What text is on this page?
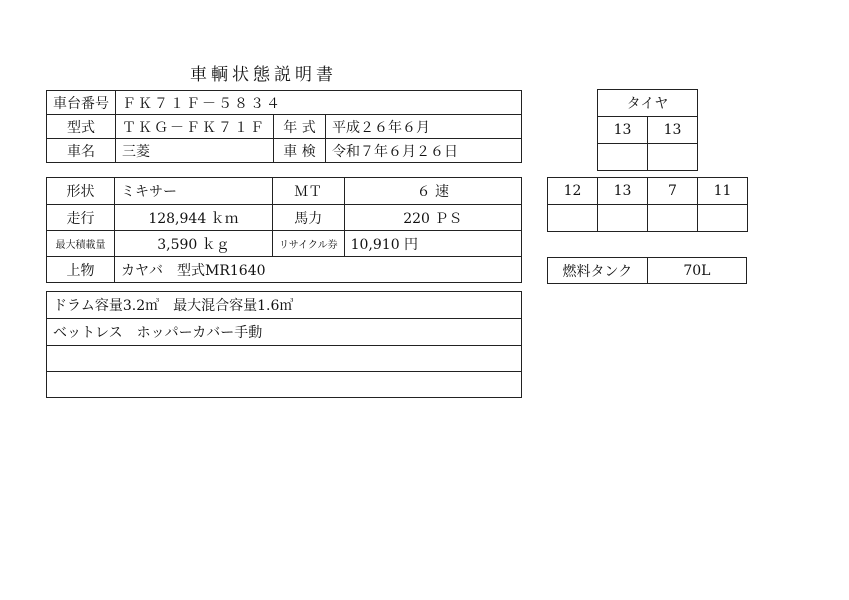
車輌状態説明書
車台番号	ＦＫ７１Ｆ－５８３４		
型式	ＴＫＧ－ＦＫ７１Ｆ	年 式	平成２６年６月
車名	三菱	車 検	令和７年６月２６日
形状	ミキサー	ＭＴ	６ 速
走行	128,944 ｋｍ	馬力	220 ＰＳ
最大積載量	3,590 ｋｇ	リサイクル券	10,910 円
上物	カヤバ　型式MR1640		
ドラム容量3.2㎥　最大混合容量1.6㎥
ベットレス　ホッパーカバー手動

タイヤ	
13	13

12	13	7	11

燃料タンク	70L
